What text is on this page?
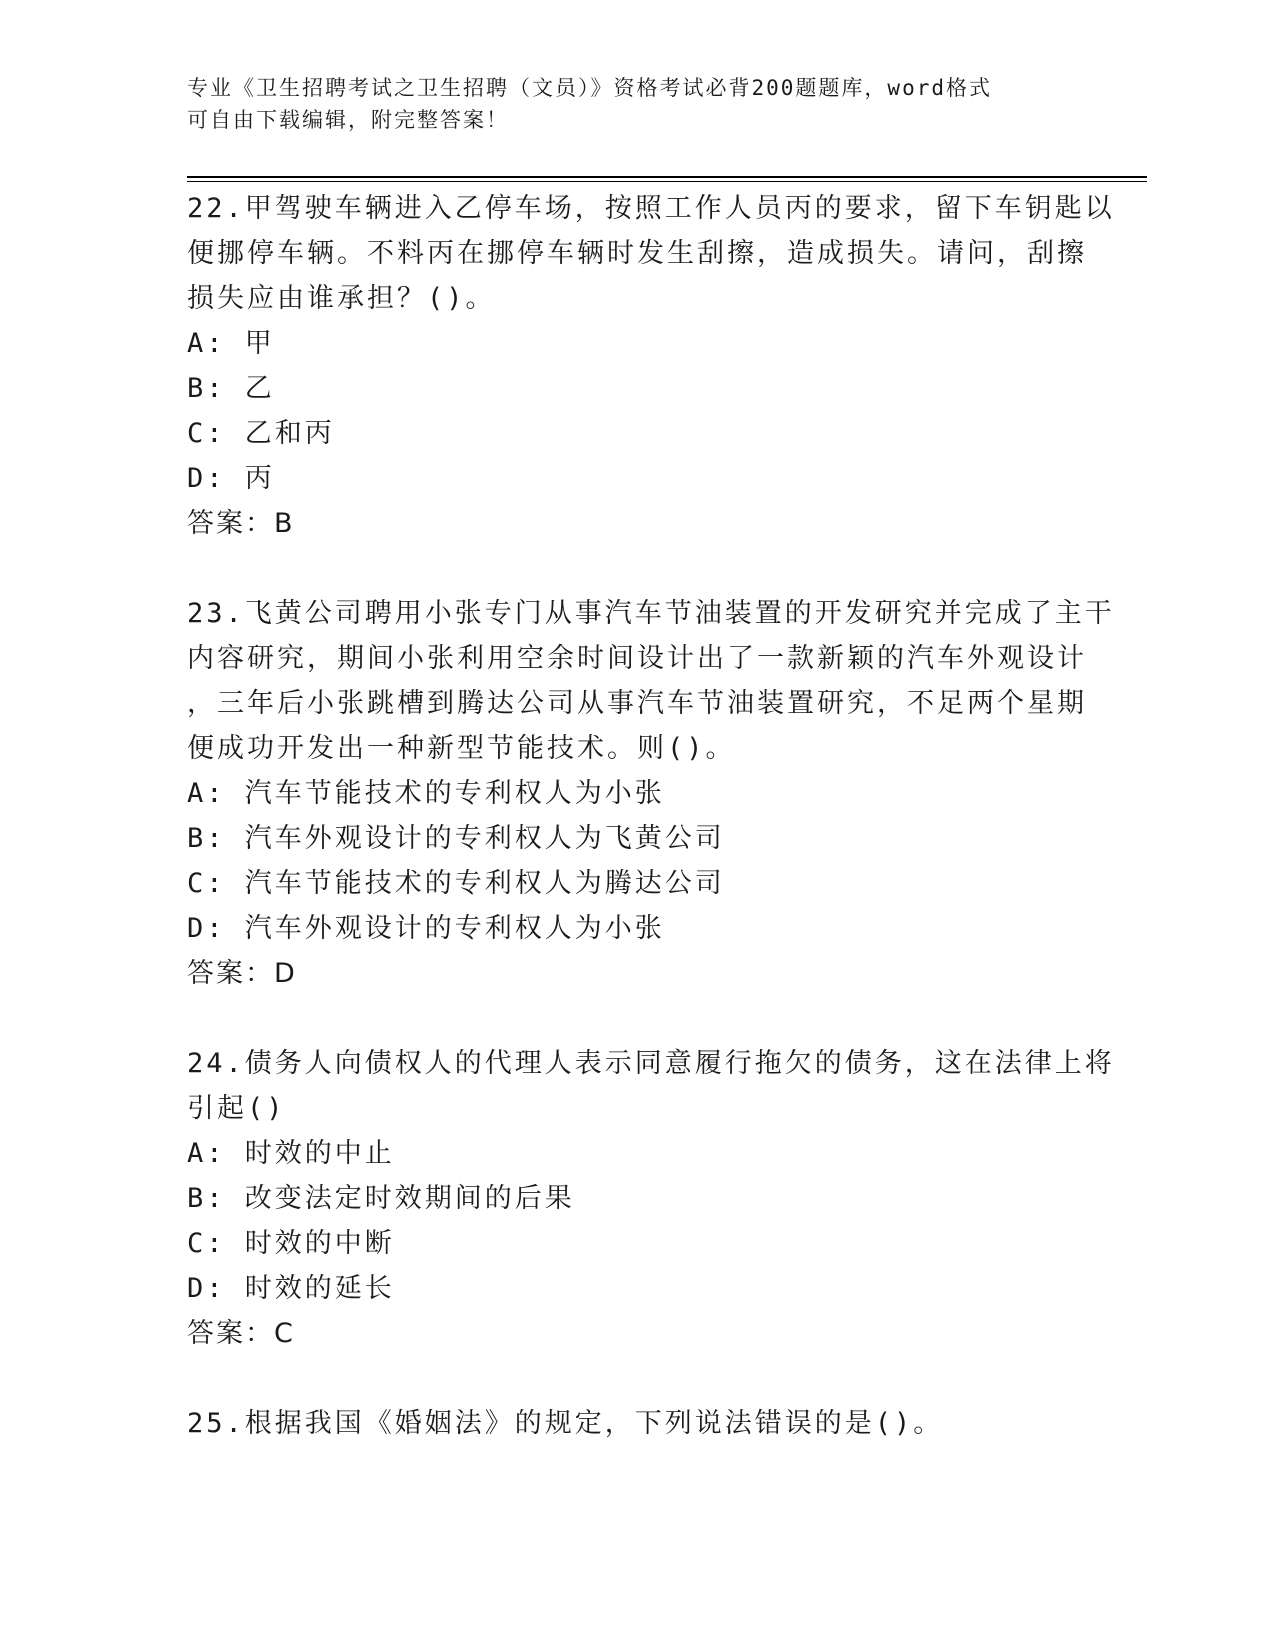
专业《卫生招聘考试之卫生招聘（文员）》资格考试必背200题题库，word格式
可自由下载编辑，附完整答案！
22.甲驾驶车辆进入乙停车场，按照工作人员丙的要求，留下车钥匙以
便挪停车辆。不料丙在挪停车辆时发生刮擦，造成损失。请问，刮擦
损失应由谁承担？()。
A: 甲
B: 乙
C: 乙和丙
D: 丙
答案：B
23.飞黄公司聘用小张专门从事汽车节油装置的开发研究并完成了主干
内容研究，期间小张利用空余时间设计出了一款新颖的汽车外观设计
，三年后小张跳槽到腾达公司从事汽车节油装置研究，不足两个星期
便成功开发出一种新型节能技术。则()。
A: 汽车节能技术的专利权人为小张
B: 汽车外观设计的专利权人为飞黄公司
C: 汽车节能技术的专利权人为腾达公司
D: 汽车外观设计的专利权人为小张
答案：D
24.债务人向债权人的代理人表示同意履行拖欠的债务，这在法律上将
引起()
A: 时效的中止
B: 改变法定时效期间的后果
C: 时效的中断
D: 时效的延长
答案：C
25.根据我国《婚姻法》的规定，下列说法错误的是()。
